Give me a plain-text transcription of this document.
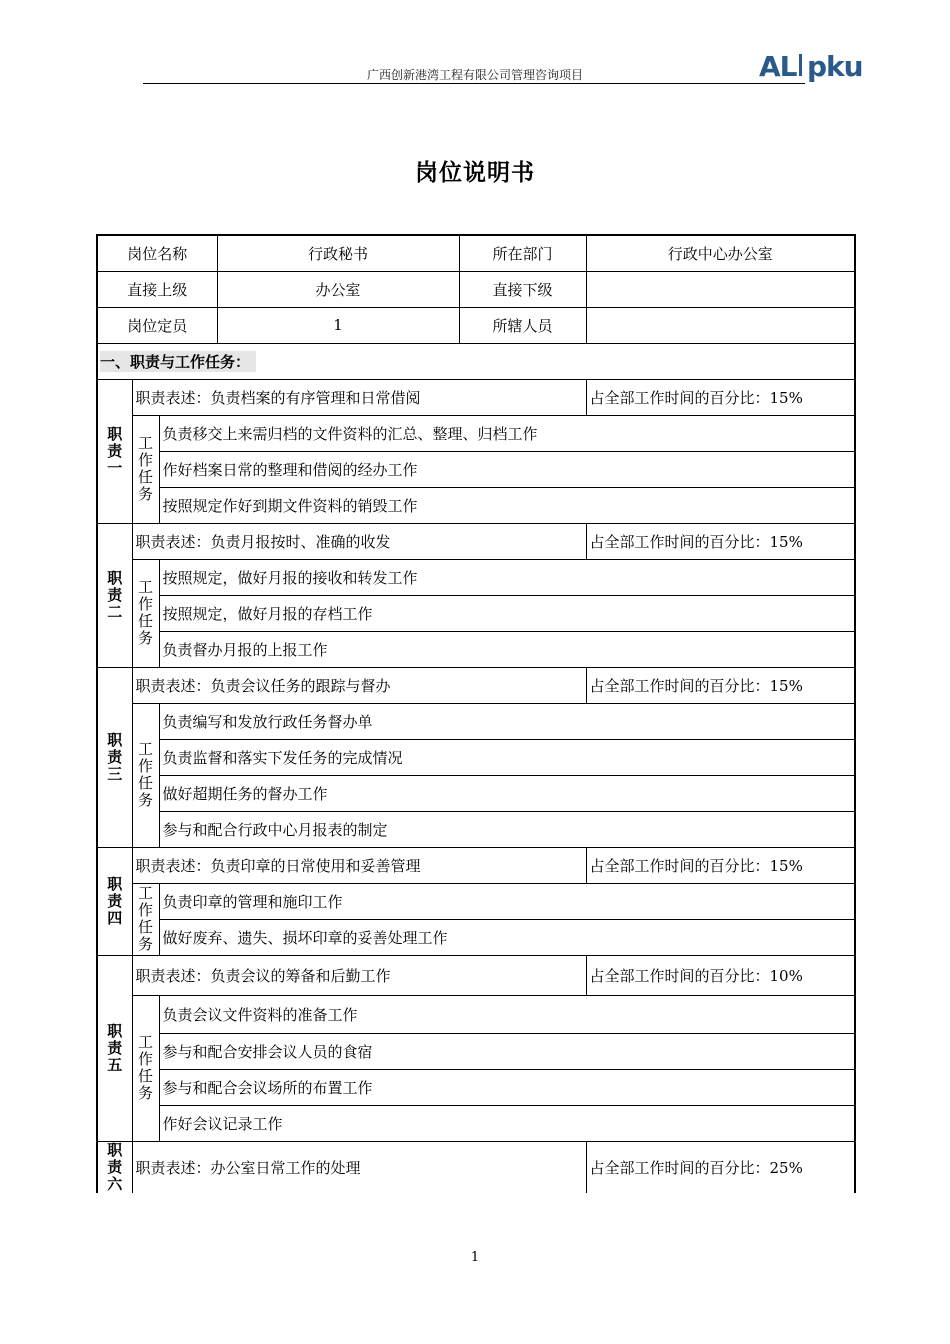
广西创新港湾工程有限公司管理咨询项目	AL pku
岗位说明书
岗位名称			行政秘书	所在部门	行政中心办公室
直接上级			办公室	直接下级	
岗位定员			1	所辖人员	
一、职责与工作任务：					

职
责
一	职责表述：负责档案的有序管理和日常借阅				占全部工作时间的百分比：15%

	工
作
任
务	负责移交上来需归档的文件资料的汇总、整理、归档工作			
		作好档案日常的整理和借阅的经办工作			
		按照规定作好到期文件资料的销毁工作			

职
责
二	职责表述：负责月报按时、准确的收发				占全部工作时间的百分比：15%

	工
作
任
务	按照规定，做好月报的接收和转发工作			
		按照规定，做好月报的存档工作			
		负责督办月报的上报工作			

职
责
三	职责表述：负责会议任务的跟踪与督办				占全部工作时间的百分比：15%

	工
作
任
务	负责编写和发放行政任务督办单			
		负责监督和落实下发任务的完成情况			
		做好超期任务的督办工作			
		参与和配合行政中心月报表的制定			

职
责
四	职责表述：负责印章的日常使用和妥善管理				占全部工作时间的百分比：15%

	工
作
任
务	负责印章的管理和施印工作			
		做好废弃、遗失、损坏印章的妥善处理工作			

职
责
五	职责表述：负责会议的筹备和后勤工作				占全部工作时间的百分比：10%

	工
作
任
务	负责会议文件资料的准备工作			
		参与和配合安排会议人员的食宿			
		参与和配合会议场所的布置工作			
		作好会议记录工作			

职
责
六	职责表述：办公室日常工作的处理				占全部工作时间的百分比：25%
1
